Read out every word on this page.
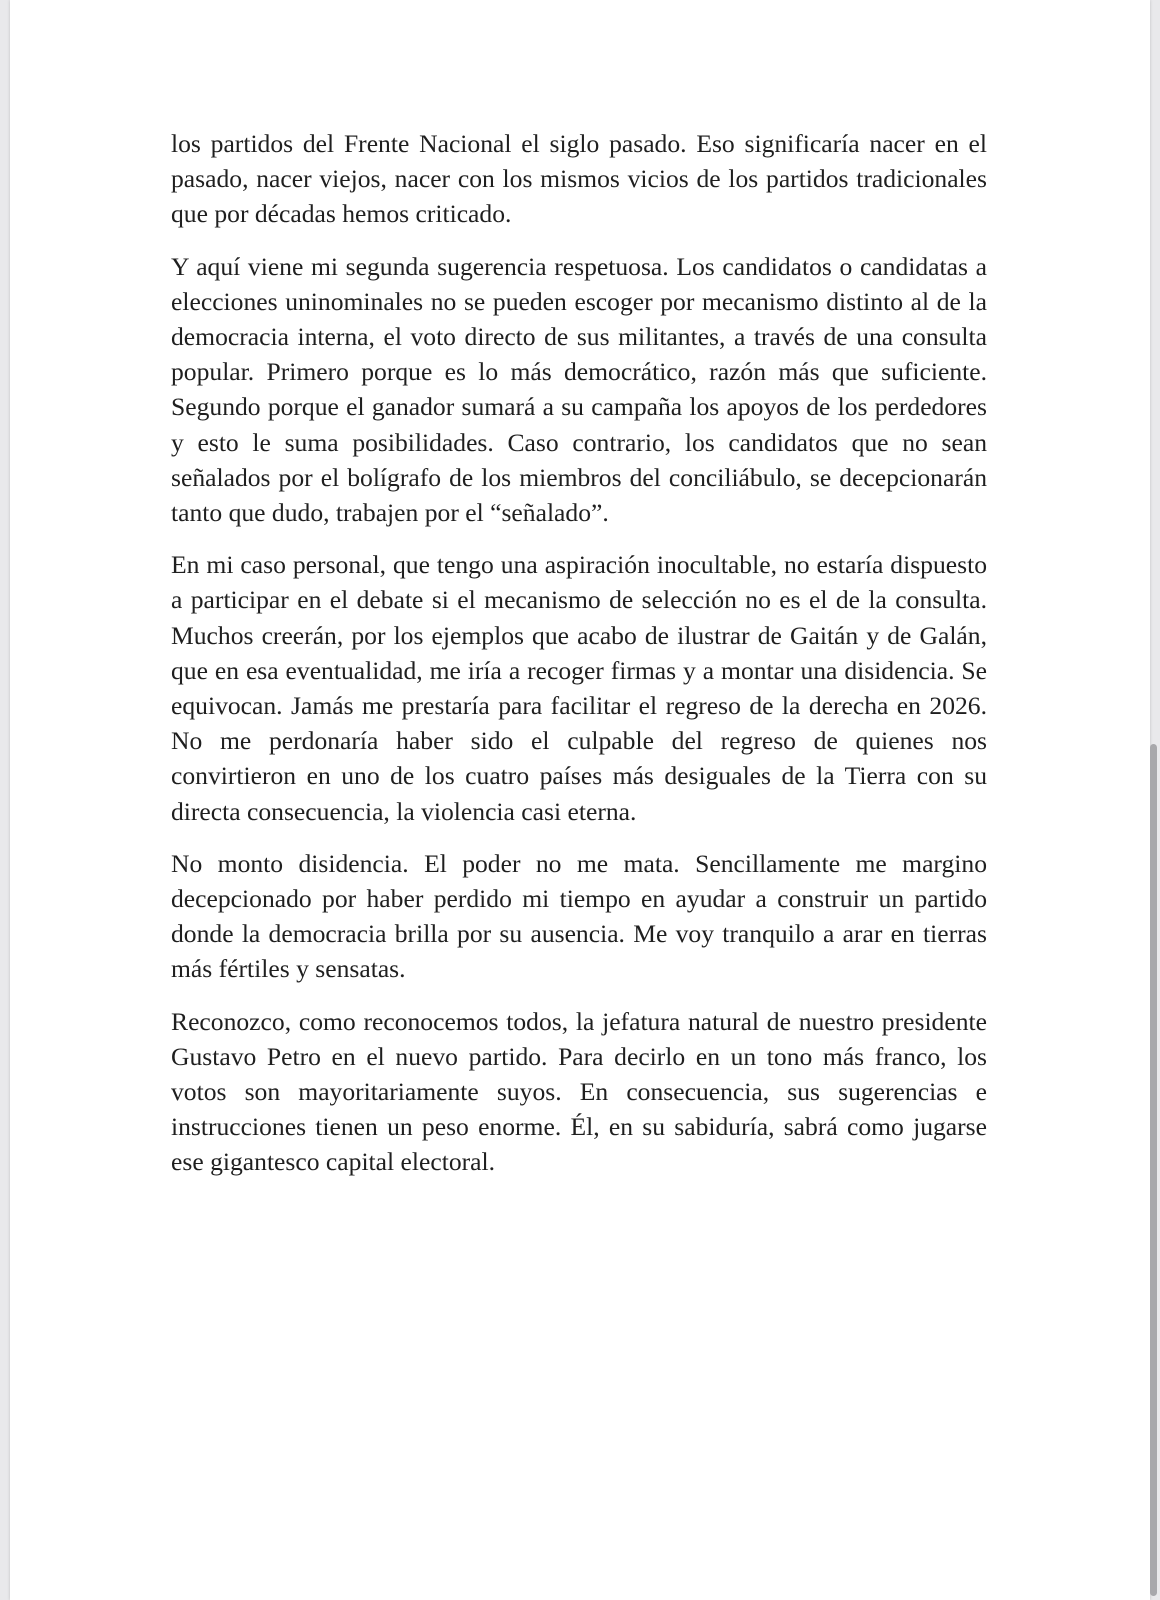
los partidos del Frente Nacional el siglo pasado. Eso significaría nacer en el pasado, nacer viejos, nacer con los mismos vicios de los partidos tradicionales que por décadas hemos criticado.

Y aquí viene mi segunda sugerencia respetuosa. Los candidatos o candidatas a elecciones uninominales no se pueden escoger por mecanismo distinto al de la democracia interna, el voto directo de sus militantes, a través de una consulta popular. Primero porque es lo más democrático, razón más que suficiente. Segundo porque el ganador sumará a su campaña los apoyos de los perdedores y esto le suma posibilidades. Caso contrario, los candidatos que no sean señalados por el bolígrafo de los miembros del conciliábulo, se decepcionarán tanto que dudo, trabajen por el “señalado”.

En mi caso personal, que tengo una aspiración inocultable, no estaría dispuesto a participar en el debate si el mecanismo de selección no es el de la consulta. Muchos creerán, por los ejemplos que acabo de ilustrar de Gaitán y de Galán, que en esa eventualidad, me iría a recoger firmas y a montar una disidencia. Se equivocan. Jamás me prestaría para facilitar el regreso de la derecha en 2026. No me perdonaría haber sido el culpable del regreso de quienes nos convirtieron en uno de los cuatro países más desiguales de la Tierra con su directa consecuencia, la violencia casi eterna.

No monto disidencia. El poder no me mata. Sencillamente me margino decepcionado por haber perdido mi tiempo en ayudar a construir un partido donde la democracia brilla por su ausencia. Me voy tranquilo a arar en tierras más fértiles y sensatas.

Reconozco, como reconocemos todos, la jefatura natural de nuestro presidente Gustavo Petro en el nuevo partido. Para decirlo en un tono más franco, los votos son mayoritariamente suyos. En consecuencia, sus sugerencias e instrucciones tienen un peso enorme. Él, en su sabiduría, sabrá como jugarse ese gigantesco capital electoral.
